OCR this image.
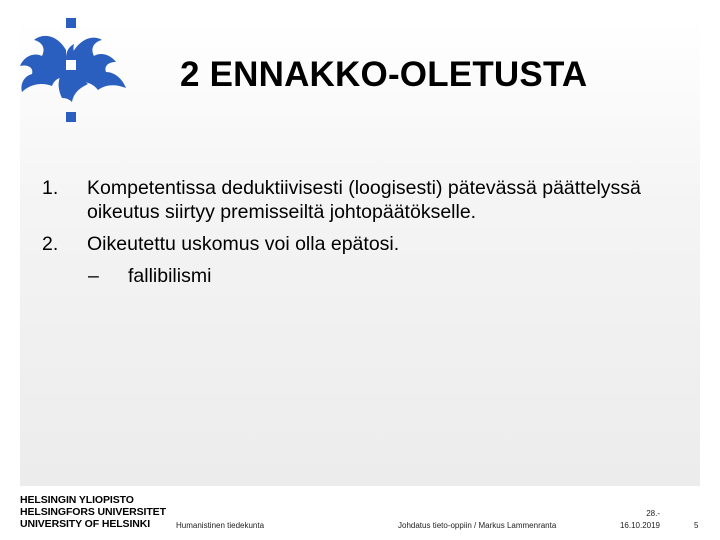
2 ENNAKKO-OLETUSTA
1.	Kompetentissa deduktiivisesti (loogisesti) pätevässä päättelyssä oikeutus siirtyy premisseiltä johtopäätökselle.
2.	Oikeutettu uskomus voi olla epätosi.
– fallibilismi
HELSINGIN YLIOPISTO
HELSINGFORS UNIVERSITET
UNIVERSITY OF HELSINKI	Humanistinen tiedekunta	Johdatus tieto-oppiin / Markus Lammenranta
28.-
16.10.2019	5
